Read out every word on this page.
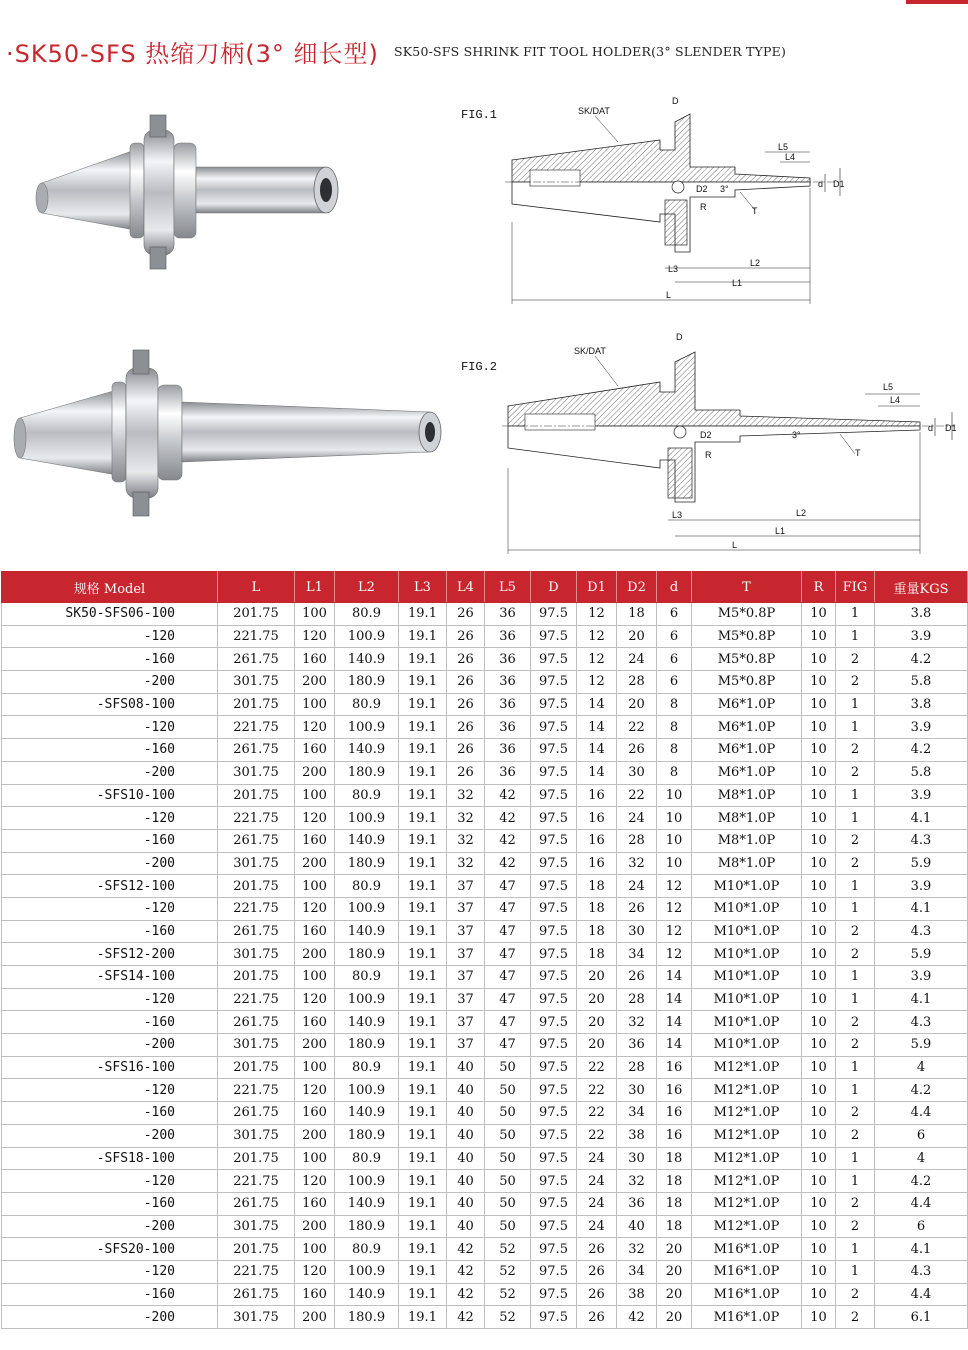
·SK50-SFS 热缩刀柄(3° 细长型) SK50-SFS SHRINK FIT TOOL HOLDER(3° SLENDER TYPE)
FIG.1	SK/DAT
D
L5
L4
d D1
D2 3°
R	T
L3
L2
L1
L
FIG.2
SK/DAT
D
L5
L4
d D1
D2	3°
R	T
L3	L2
L1
L
规格 Model	L	L1	L2	L3	L4	L5	D	D1	D2	d	T	R	FIG	重量KGS
SK50-SFS06-100	201.75	100	80.9	19.1	26	36	97.5	12	18	6	M5*0.8P	10	1	3.8
-120	221.75	120	100.9	19.1	26	36	97.5	12	20	6	M5*0.8P	10	1	3.9
-160	261.75	160	140.9	19.1	26	36	97.5	12	24	6	M5*0.8P	10	2	4.2
-200	301.75	200	180.9	19.1	26	36	97.5	12	28	6	M5*0.8P	10	2	5.8
-SFS08-100	201.75	100	80.9	19.1	26	36	97.5	14	20	8	M6*1.0P	10	1	3.8
-120	221.75	120	100.9	19.1	26	36	97.5	14	22	8	M6*1.0P	10	1	3.9
-160	261.75	160	140.9	19.1	26	36	97.5	14	26	8	M6*1.0P	10	2	4.2
-200	301.75	200	180.9	19.1	26	36	97.5	14	30	8	M6*1.0P	10	2	5.8
-SFS10-100	201.75	100	80.9	19.1	32	42	97.5	16	22	10	M8*1.0P	10	1	3.9
-120	221.75	120	100.9	19.1	32	42	97.5	16	24	10	M8*1.0P	10	1	4.1
-160	261.75	160	140.9	19.1	32	42	97.5	16	28	10	M8*1.0P	10	2	4.3
-200	301.75	200	180.9	19.1	32	42	97.5	16	32	10	M8*1.0P	10	2	5.9
-SFS12-100	201.75	100	80.9	19.1	37	47	97.5	18	24	12	M10*1.0P	10	1	3.9
-120	221.75	120	100.9	19.1	37	47	97.5	18	26	12	M10*1.0P	10	1	4.1
-160	261.75	160	140.9	19.1	37	47	97.5	18	30	12	M10*1.0P	10	2	4.3
-SFS12-200	301.75	200	180.9	19.1	37	47	97.5	18	34	12	M10*1.0P	10	2	5.9
-SFS14-100	201.75	100	80.9	19.1	37	47	97.5	20	26	14	M10*1.0P	10	1	3.9
-120	221.75	120	100.9	19.1	37	47	97.5	20	28	14	M10*1.0P	10	1	4.1
-160	261.75	160	140.9	19.1	37	47	97.5	20	32	14	M10*1.0P	10	2	4.3
-200	301.75	200	180.9	19.1	37	47	97.5	20	36	14	M10*1.0P	10	2	5.9
-SFS16-100	201.75	100	80.9	19.1	40	50	97.5	22	28	16	M12*1.0P	10	1	4
-120	221.75	120	100.9	19.1	40	50	97.5	22	30	16	M12*1.0P	10	1	4.2
-160	261.75	160	140.9	19.1	40	50	97.5	22	34	16	M12*1.0P	10	2	4.4
-200	301.75	200	180.9	19.1	40	50	97.5	22	38	16	M12*1.0P	10	2	6
-SFS18-100	201.75	100	80.9	19.1	40	50	97.5	24	30	18	M12*1.0P	10	1	4
-120	221.75	120	100.9	19.1	40	50	97.5	24	32	18	M12*1.0P	10	1	4.2
-160	261.75	160	140.9	19.1	40	50	97.5	24	36	18	M12*1.0P	10	2	4.4
-200	301.75	200	180.9	19.1	40	50	97.5	24	40	18	M12*1.0P	10	2	6
-SFS20-100	201.75	100	80.9	19.1	42	52	97.5	26	32	20	M16*1.0P	10	1	4.1
-120	221.75	120	100.9	19.1	42	52	97.5	26	34	20	M16*1.0P	10	1	4.3
-160	261.75	160	140.9	19.1	42	52	97.5	26	38	20	M16*1.0P	10	2	4.4
-200	301.75	200	180.9	19.1	42	52	97.5	26	42	20	M16*1.0P	10	2	6.1
